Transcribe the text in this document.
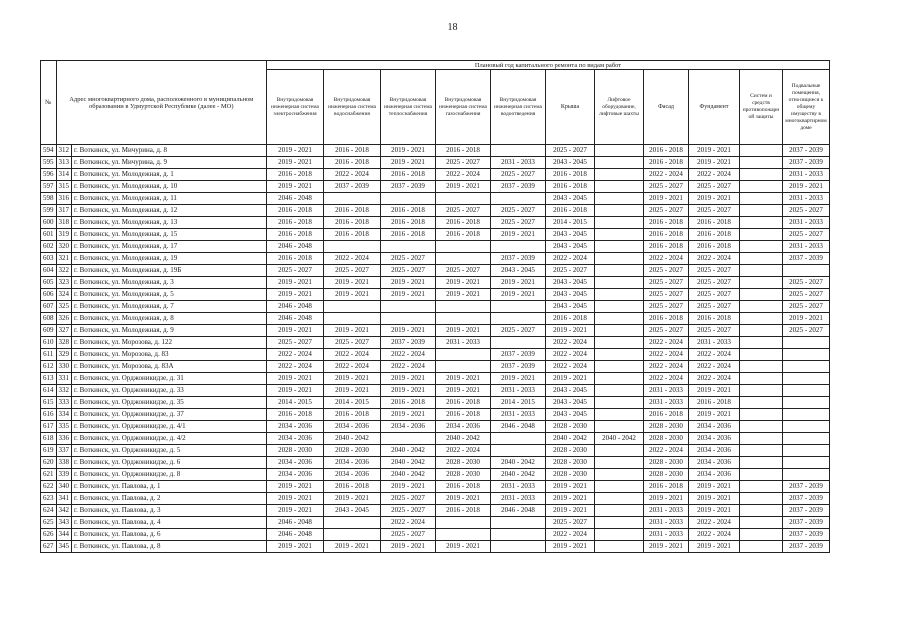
18
№	Адрес многоквартирного дома, расположенного в муниципальном образовании в Удмуртской Республике (далее - МО)		Плановый год капитального ремонта по видам работ										
			Внутридомовая инженерная система электроснабжения	Внутридомовая инженерная система водоснабжения	Внутридомовая инженерная система теплоснабжения	Внутридомовая инженерная система газоснабжения	Внутридомовая инженерная система водоотведения	Крыша	Лифтовое оборудование, лифтовые шахты	Фасад	Фундамент	Систем и средств противопожарн ой защиты	Подвальные помещения, относящиеся к общему имуществу в многоквартирном доме
594	312	г. Воткинск, ул. Мичурина, д. 8	2019 - 2021	2016 - 2018	2019 - 2021	2016 - 2018		2025 - 2027		2016 - 2018	2019 - 2021		2037 - 2039
595	313	г. Воткинск, ул. Мичурина, д. 9	2019 - 2021	2016 - 2018	2019 - 2021	2025 - 2027	2031 - 2033	2043 - 2045		2016 - 2018	2019 - 2021		2037 - 2039
596	314	г. Воткинск, ул. Молодежная, д. 1	2016 - 2018	2022 - 2024	2016 - 2018	2022 - 2024	2025 - 2027	2016 - 2018		2022 - 2024	2022 - 2024		2031 - 2033
597	315	г. Воткинск, ул. Молодежная, д. 10	2019 - 2021	2037 - 2039	2037 - 2039	2019 - 2021	2037 - 2039	2016 - 2018		2025 - 2027	2025 - 2027		2019 - 2021
598	316	г. Воткинск, ул. Молодежная, д. 11	2046 - 2048					2043 - 2045		2019 - 2021	2019 - 2021		2031 - 2033
599	317	г. Воткинск, ул. Молодежная, д. 12	2016 - 2018	2016 - 2018	2016 - 2018	2025 - 2027	2025 - 2027	2016 - 2018		2025 - 2027	2025 - 2027		2025 - 2027
600	318	г. Воткинск, ул. Молодежная, д. 13	2016 - 2018	2016 - 2018	2016 - 2018	2016 - 2018	2025 - 2027	2014 - 2015		2016 - 2018	2016 - 2018		2031 - 2033
601	319	г. Воткинск, ул. Молодежная, д. 15	2016 - 2018	2016 - 2018	2016 - 2018	2016 - 2018	2019 - 2021	2043 - 2045		2016 - 2018	2016 - 2018		2025 - 2027
602	320	г. Воткинск, ул. Молодежная, д. 17	2046 - 2048					2043 - 2045		2016 - 2018	2016 - 2018		2031 - 2033
603	321	г. Воткинск, ул. Молодежная, д. 19	2016 - 2018	2022 - 2024	2025 - 2027		2037 - 2039	2022 - 2024		2022 - 2024	2022 - 2024		2037 - 2039
604	322	г. Воткинск, ул. Молодежная, д. 19Б	2025 - 2027	2025 - 2027	2025 - 2027	2025 - 2027	2043 - 2045	2025 - 2027		2025 - 2027	2025 - 2027		
605	323	г. Воткинск, ул. Молодежная, д. 3	2019 - 2021	2019 - 2021	2019 - 2021	2019 - 2021	2019 - 2021	2043 - 2045		2025 - 2027	2025 - 2027		2025 - 2027
606	324	г. Воткинск, ул. Молодежная, д. 5	2019 - 2021	2019 - 2021	2019 - 2021	2019 - 2021	2019 - 2021	2043 - 2045		2025 - 2027	2025 - 2027		2025 - 2027
607	325	г. Воткинск, ул. Молодежная, д. 7	2046 - 2048					2043 - 2045		2025 - 2027	2025 - 2027		2025 - 2027
608	326	г. Воткинск, ул. Молодежная, д. 8	2046 - 2048					2016 - 2018		2016 - 2018	2016 - 2018		2019 - 2021
609	327	г. Воткинск, ул. Молодежная, д. 9	2019 - 2021	2019 - 2021	2019 - 2021	2019 - 2021	2025 - 2027	2019 - 2021		2025 - 2027	2025 - 2027		2025 - 2027
610	328	г. Воткинск, ул. Морозова, д. 122	2025 - 2027	2025 - 2027	2037 - 2039	2031 - 2033		2022 - 2024		2022 - 2024	2031 - 2033		
611	329	г. Воткинск, ул. Морозова, д. 83	2022 - 2024	2022 - 2024	2022 - 2024		2037 - 2039	2022 - 2024		2022 - 2024	2022 - 2024		
612	330	г. Воткинск, ул. Морозова, д. 83А	2022 - 2024	2022 - 2024	2022 - 2024		2037 - 2039	2022 - 2024		2022 - 2024	2022 - 2024		
613	331	г. Воткинск, ул. Орджоникидзе, д. 31	2019 - 2021	2019 - 2021	2019 - 2021	2019 - 2021	2019 - 2021	2019 - 2021		2022 - 2024	2022 - 2024		
614	332	г. Воткинск, ул. Орджоникидзе, д. 33	2019 - 2021	2019 - 2021	2019 - 2021	2019 - 2021	2031 - 2033	2043 - 2045		2031 - 2033	2019 - 2021		
615	333	г. Воткинск, ул. Орджоникидзе, д. 35	2014 - 2015	2014 - 2015	2016 - 2018	2016 - 2018	2014 - 2015	2043 - 2045		2031 - 2033	2016 - 2018		
616	334	г. Воткинск, ул. Орджоникидзе, д. 37	2016 - 2018	2016 - 2018	2019 - 2021	2016 - 2018	2031 - 2033	2043 - 2045		2016 - 2018	2019 - 2021		
617	335	г. Воткинск, ул. Орджоникидзе, д. 4/1	2034 - 2036	2034 - 2036	2034 - 2036	2034 - 2036	2046 - 2048	2028 - 2030		2028 - 2030	2034 - 2036		
618	336	г. Воткинск, ул. Орджоникидзе, д. 4/2	2034 - 2036	2040 - 2042		2040 - 2042		2040 - 2042	2040 - 2042	2028 - 2030	2034 - 2036		
619	337	г. Воткинск, ул. Орджоникидзе, д. 5	2028 - 2030	2028 - 2030	2040 - 2042	2022 - 2024		2028 - 2030		2022 - 2024	2034 - 2036		
620	338	г. Воткинск, ул. Орджоникидзе, д. 6	2034 - 2036	2034 - 2036	2040 - 2042	2028 - 2030	2040 - 2042	2028 - 2030		2028 - 2030	2034 - 2036		
621	339	г. Воткинск, ул. Орджоникидзе, д. 8	2034 - 2036	2034 - 2036	2040 - 2042	2028 - 2030	2040 - 2042	2028 - 2030		2028 - 2030	2034 - 2036		
622	340	г. Воткинск, ул. Павлова, д. 1	2019 - 2021	2016 - 2018	2019 - 2021	2016 - 2018	2031 - 2033	2019 - 2021		2016 - 2018	2019 - 2021		2037 - 2039
623	341	г. Воткинск, ул. Павлова, д. 2	2019 - 2021	2019 - 2021	2025 - 2027	2019 - 2021	2031 - 2033	2019 - 2021		2019 - 2021	2019 - 2021		2037 - 2039
624	342	г. Воткинск, ул. Павлова, д. 3	2019 - 2021	2043 - 2045	2025 - 2027	2016 - 2018	2046 - 2048	2019 - 2021		2031 - 2033	2019 - 2021		2037 - 2039
625	343	г. Воткинск, ул. Павлова, д. 4	2046 - 2048		2022 - 2024			2025 - 2027		2031 - 2033	2022 - 2024		2037 - 2039
626	344	г. Воткинск, ул. Павлова, д. 6	2046 - 2048		2025 - 2027			2022 - 2024		2031 - 2033	2022 - 2024		2037 - 2039
627	345	г. Воткинск, ул. Павлова, д. 8	2019 - 2021	2019 - 2021	2019 - 2021	2019 - 2021		2019 - 2021		2019 - 2021	2019 - 2021		2037 - 2039
